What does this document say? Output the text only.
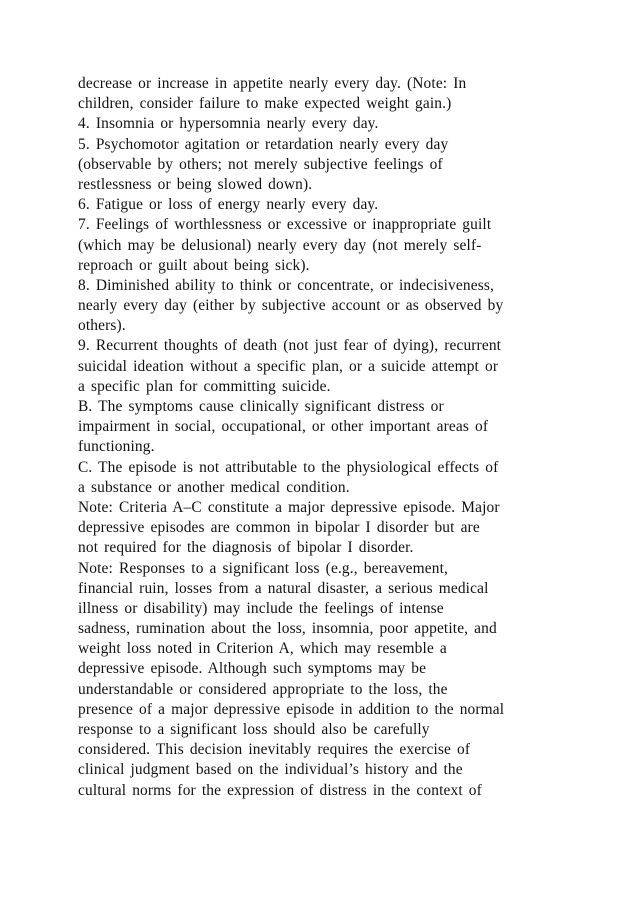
decrease or increase in appetite nearly every day. (Note: In

children, consider failure to make expected weight gain.)

4. Insomnia or hypersomnia nearly every day.

5. Psychomotor agitation or retardation nearly every day

(observable by others; not merely subjective feelings of

restlessness or being slowed down).

6. Fatigue or loss of energy nearly every day.

7. Feelings of worthlessness or excessive or inappropriate guilt

(which may be delusional) nearly every day (not merely self-

reproach or guilt about being sick).

8. Diminished ability to think or concentrate, or indecisiveness,

nearly every day (either by subjective account or as observed by

others).

9. Recurrent thoughts of death (not just fear of dying), recurrent

suicidal ideation without a specific plan, or a suicide attempt or

a specific plan for committing suicide.

B. The symptoms cause clinically significant distress or

impairment in social, occupational, or other important areas of

functioning.

C. The episode is not attributable to the physiological effects of

a substance or another medical condition.

Note: Criteria A–C constitute a major depressive episode. Major

depressive episodes are common in bipolar I disorder but are

not required for the diagnosis of bipolar I disorder.

Note: Responses to a significant loss (e.g., bereavement,

financial ruin, losses from a natural disaster, a serious medical

illness or disability) may include the feelings of intense

sadness, rumination about the loss, insomnia, poor appetite, and

weight loss noted in Criterion A, which may resemble a

depressive episode. Although such symptoms may be

understandable or considered appropriate to the loss, the

presence of a major depressive episode in addition to the normal

response to a significant loss should also be carefully

considered. This decision inevitably requires the exercise of

clinical judgment based on the individual’s history and the

cultural norms for the expression of distress in the context of
